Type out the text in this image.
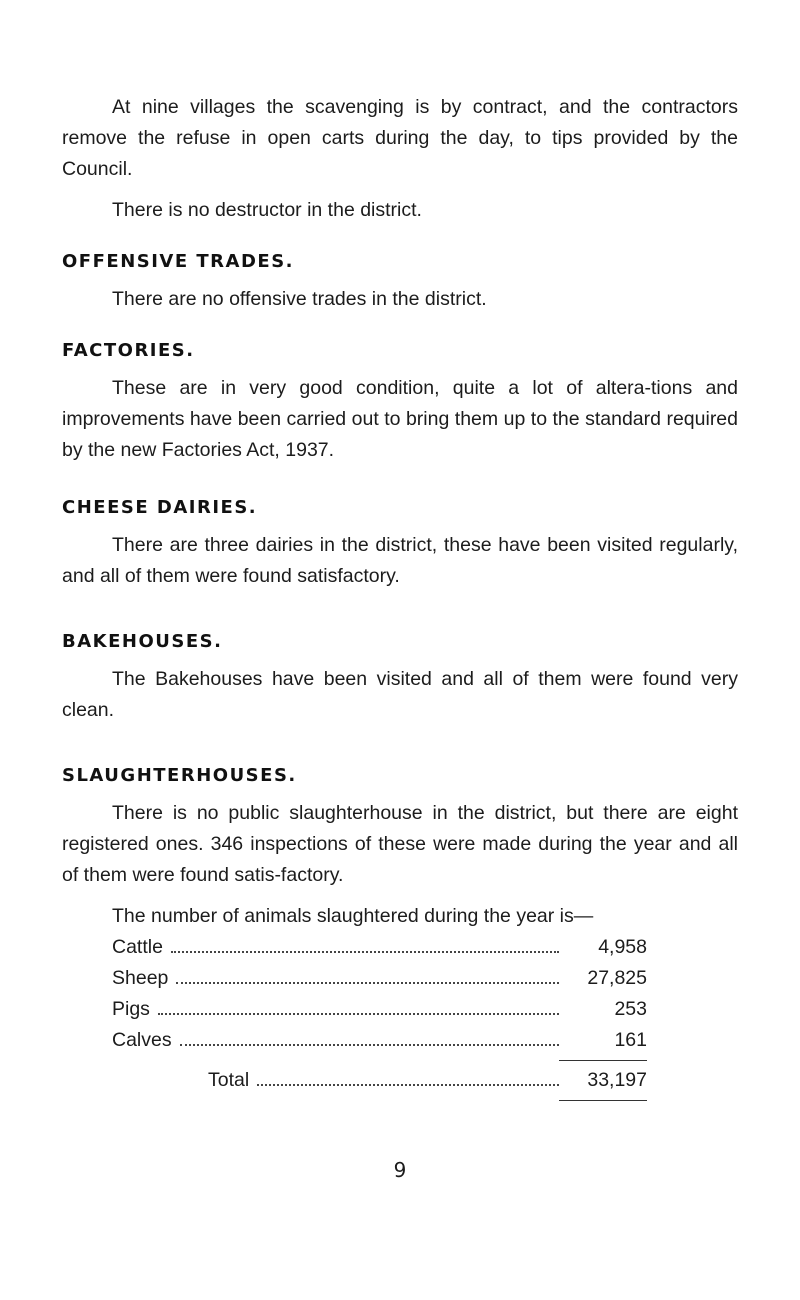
At nine villages the scavenging is by contract, and the contractors remove the refuse in open carts during the day, to tips provided by the Council.

There is no destructor in the district.

OFFENSIVE TRADES.

There are no offensive trades in the district.

FACTORIES.

These are in very good condition, quite a lot of altera-tions and improvements have been carried out to bring them up to the standard required by the new Factories Act, 1937.

CHEESE DAIRIES.

There are three dairies in the district, these have been visited regularly, and all of them were found satisfactory.

BAKEHOUSES.

The Bakehouses have been visited and all of them were found very clean.

SLAUGHTERHOUSES.

There is no public slaughterhouse in the district, but there are eight registered ones. 346 inspections of these were made during the year and all of them were found satis-factory.

The number of animals slaughtered during the year is—

Cattle	4,958
Sheep	27,825
Pigs	253
Calves	161
Total	33,197
9
